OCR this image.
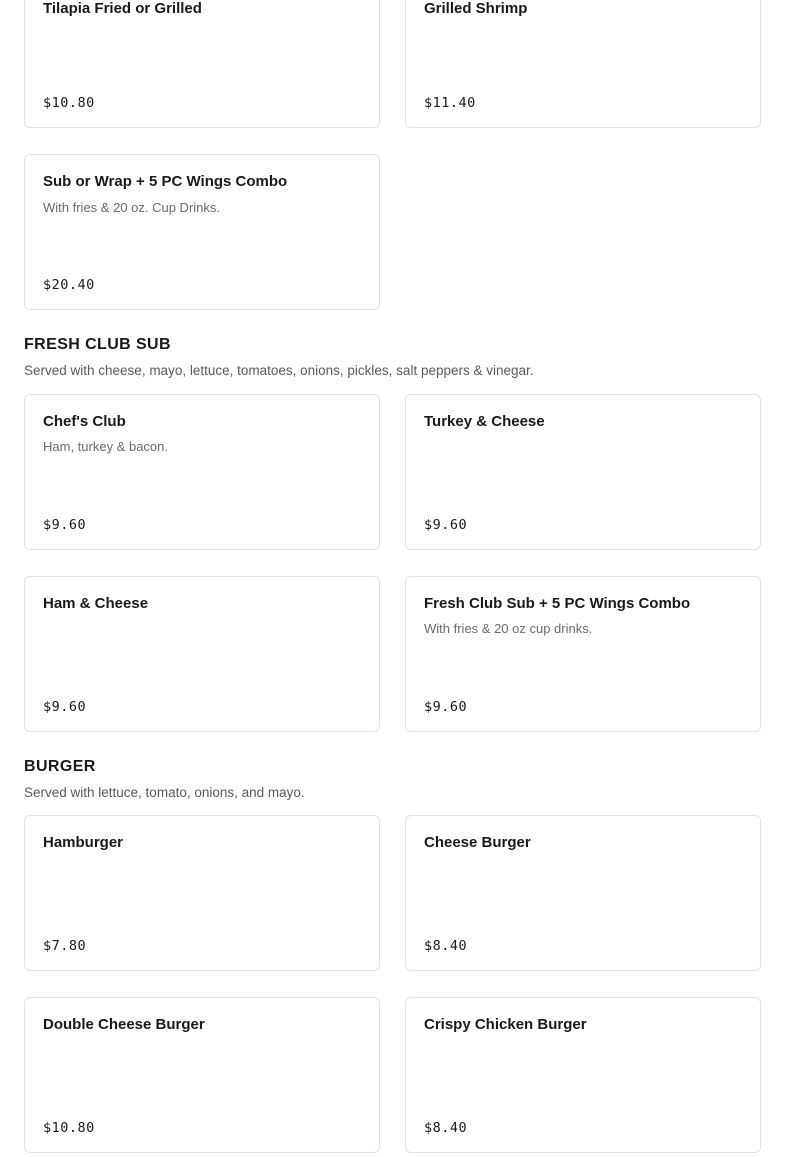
Tilapia Fried or Grilled
$10.80
Grilled Shrimp
$11.40
Sub or Wrap + 5 PC Wings Combo
With fries & 20 oz. Cup Drinks.
$20.40
FRESH CLUB SUB

Served with cheese, mayo, lettuce, tomatoes, onions, pickles, salt peppers & vinegar.

Chef's Club
Ham, turkey & bacon.
$9.60
Turkey & Cheese
$9.60
Ham & Cheese
$9.60
Fresh Club Sub + 5 PC Wings Combo
With fries & 20 oz cup drinks.
$9.60
BURGER

Served with lettuce, tomato, onions, and mayo.

Hamburger
$7.80
Cheese Burger
$8.40
Double Cheese Burger
$10.80
Crispy Chicken Burger
$8.40
